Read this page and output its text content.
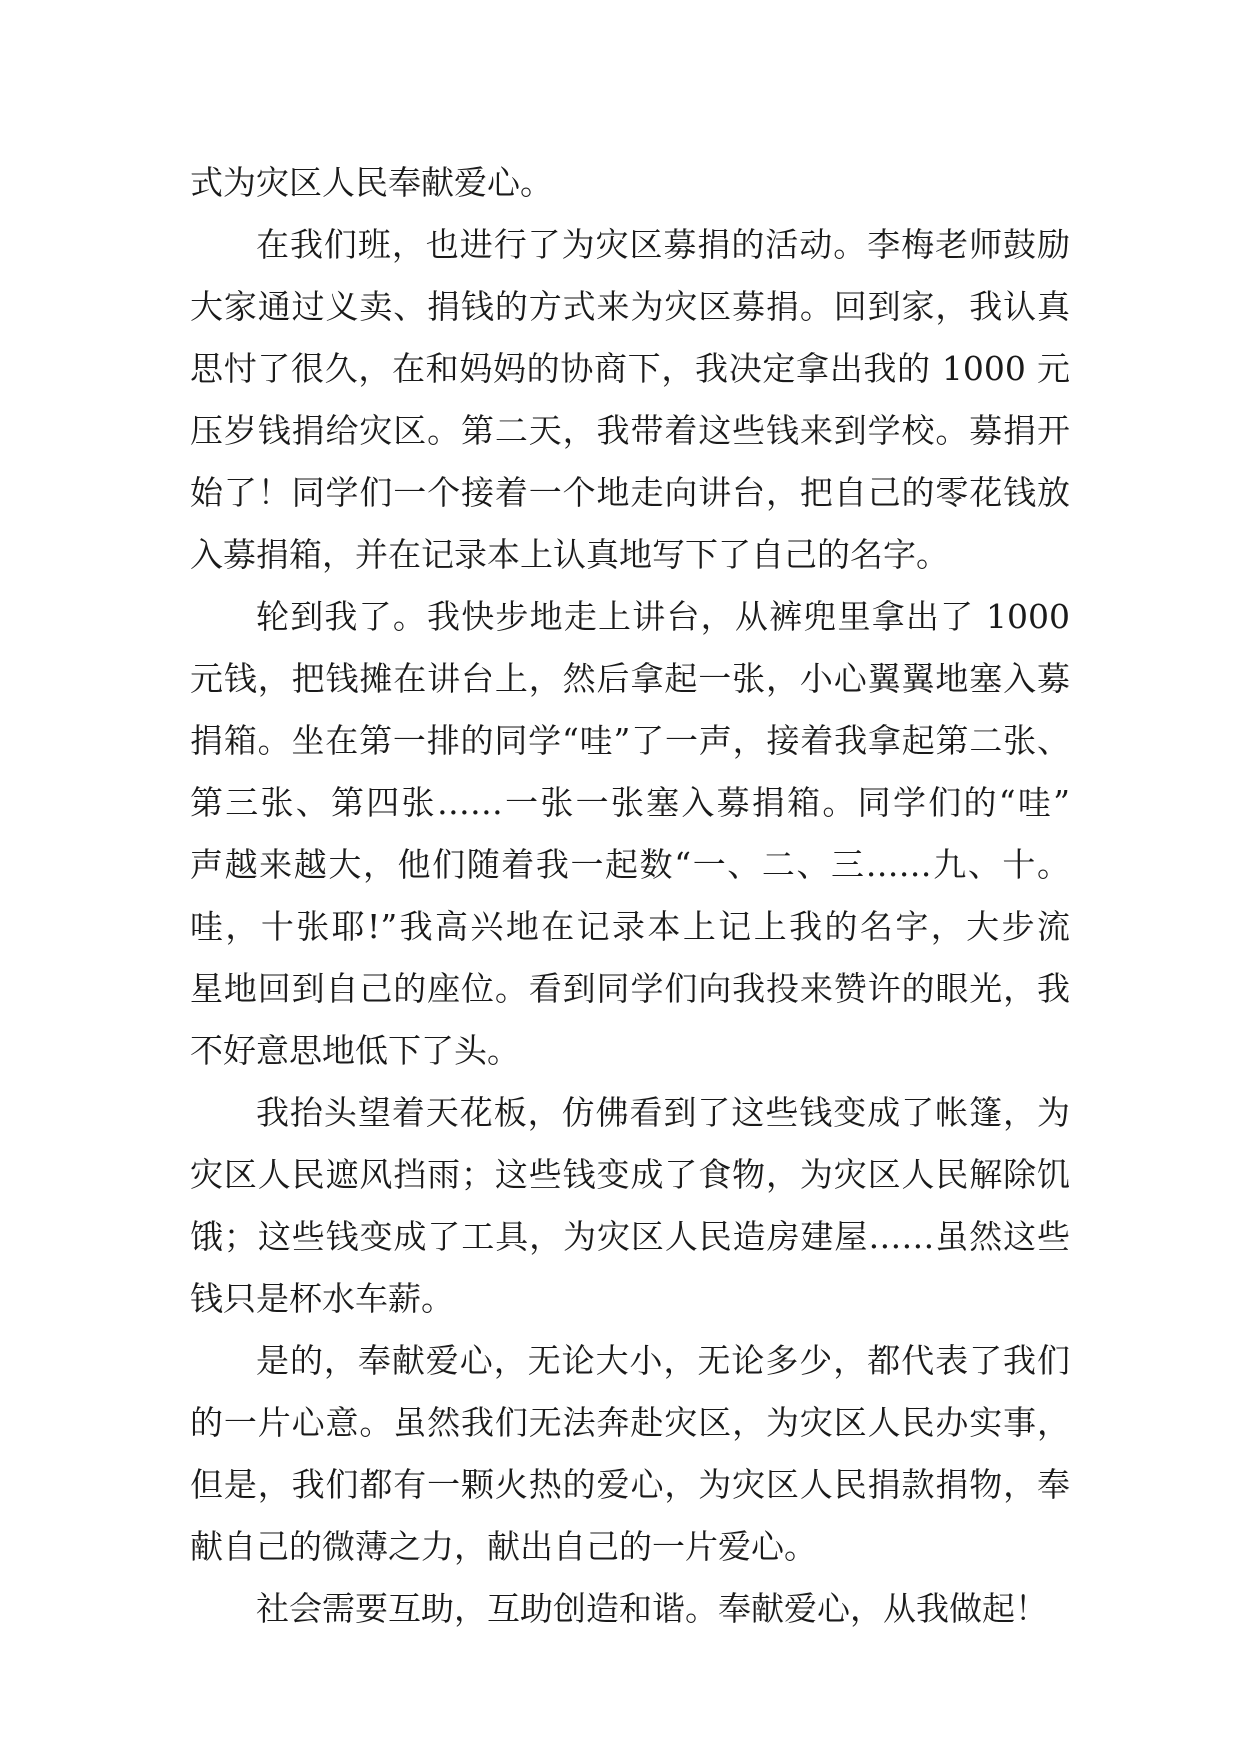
式为灾区人民奉献爱心。
在我们班，也进行了为灾区募捐的活动。李梅老师鼓励
大家通过义卖、捐钱的方式来为灾区募捐。回到家，我认真
思忖了很久，在和妈妈的协商下，我决定拿出我的 1000 元
压岁钱捐给灾区。第二天，我带着这些钱来到学校。募捐开
始了！同学们一个接着一个地走向讲台，把自己的零花钱放
入募捐箱，并在记录本上认真地写下了自己的名字。
轮到我了。我快步地走上讲台，从裤兜里拿出了 1000
元钱，把钱摊在讲台上，然后拿起一张，小心翼翼地塞入募
捐箱。坐在第一排的同学“哇”了一声，接着我拿起第二张、
第三张、第四张……一张一张塞入募捐箱。同学们的“哇”
声越来越大，他们随着我一起数“一、二、三……九、十。
哇，十张耶!”我高兴地在记录本上记上我的名字，大步流
星地回到自己的座位。看到同学们向我投来赞许的眼光，我
不好意思地低下了头。
我抬头望着天花板，仿佛看到了这些钱变成了帐篷，为
灾区人民遮风挡雨；这些钱变成了食物，为灾区人民解除饥
饿；这些钱变成了工具，为灾区人民造房建屋……虽然这些
钱只是杯水车薪。
是的，奉献爱心，无论大小，无论多少，都代表了我们
的一片心意。虽然我们无法奔赴灾区，为灾区人民办实事，
但是，我们都有一颗火热的爱心，为灾区人民捐款捐物，奉
献自己的微薄之力，献出自己的一片爱心。
社会需要互助，互助创造和谐。奉献爱心，从我做起！
